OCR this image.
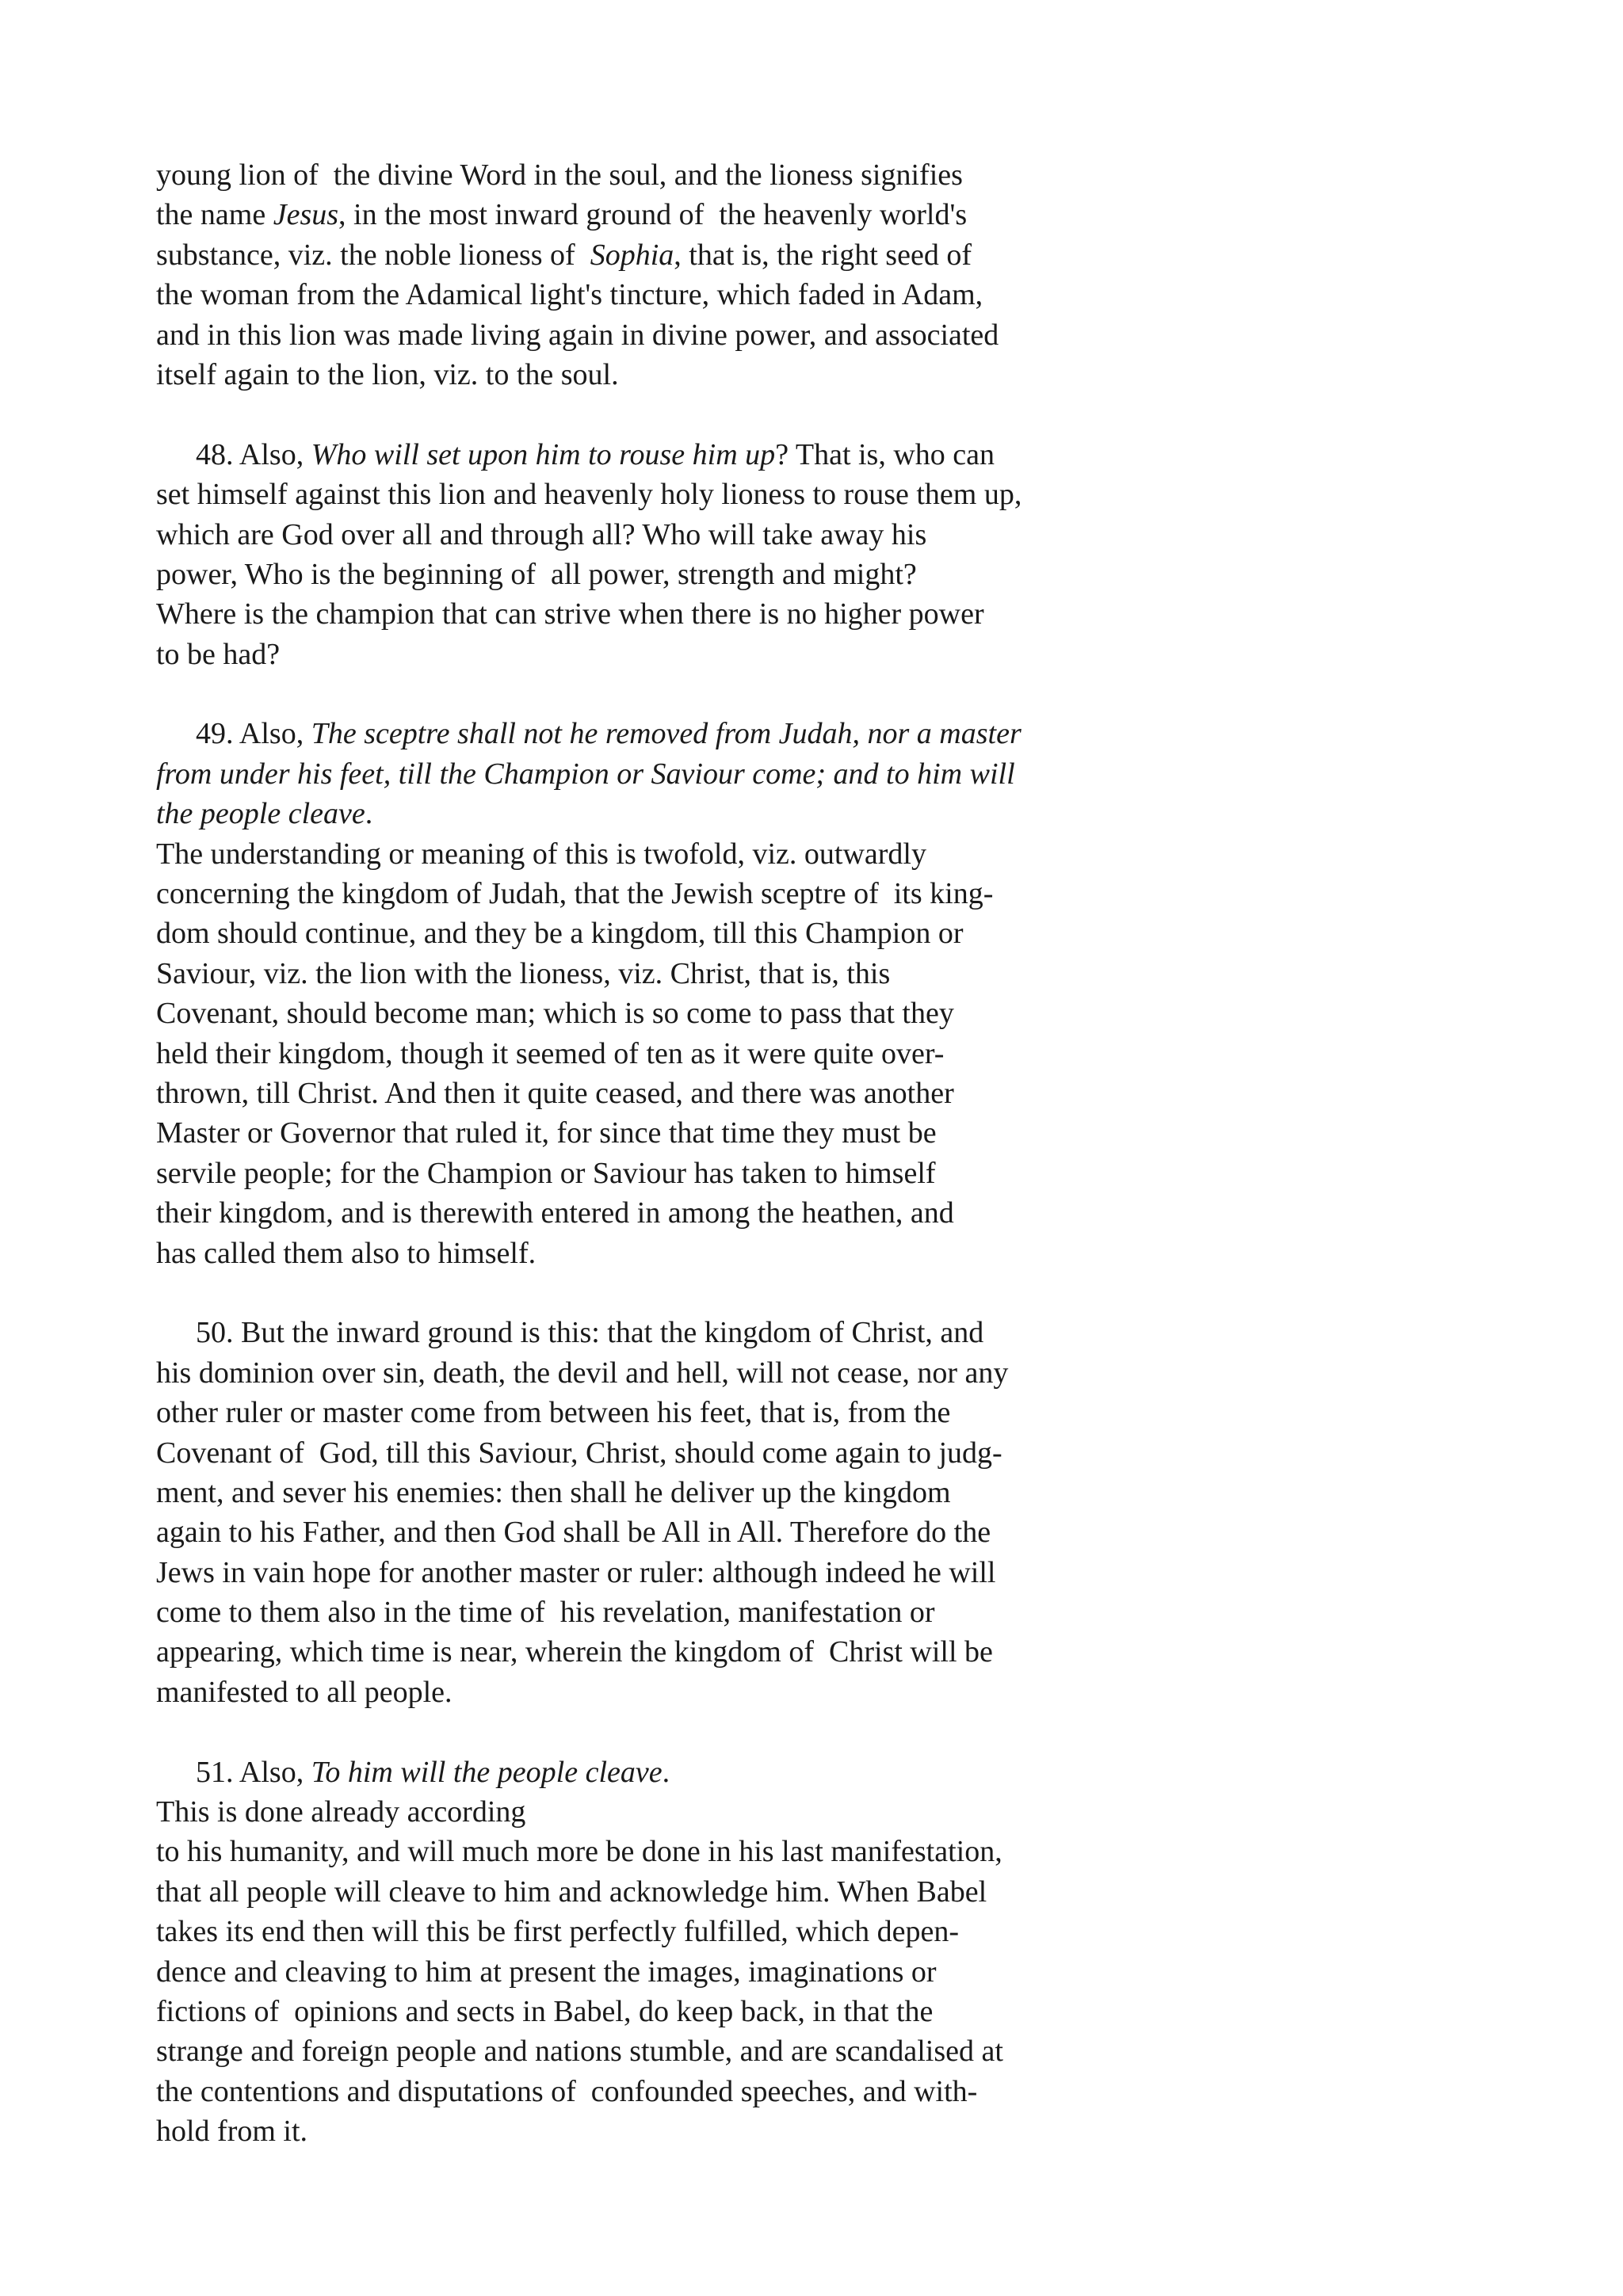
young lion of  the divine Word in the soul, and the lioness signifies
the name Jesus, in the most inward ground of  the heavenly world's
substance, viz. the noble lioness of  Sophia, that is, the right seed of
the woman from the Adamical light's tincture, which faded in Adam,
and in this lion was made living again in divine power, and associated
itself again to the lion, viz. to the soul.
48. Also, Who will set upon him to rouse him up? That is, who can
set himself against this lion and heavenly holy lioness to rouse them up,
which are God over all and through all? Who will take away his
power, Who is the beginning of  all power, strength and might?
Where is the champion that can strive when there is no higher power
to be had?
49. Also, The sceptre shall not he removed from Judah, nor a master
from under his feet, till the Champion or Saviour come; and to him will
the people cleave.
The understanding or meaning of this is twofold, viz. outwardly
concerning the kingdom of Judah, that the Jewish sceptre of  its king-
dom should continue, and they be a kingdom, till this Champion or
Saviour, viz. the lion with the lioness, viz. Christ, that is, this
Covenant, should become man; which is so come to pass that they
held their kingdom, though it seemed of ten as it were quite over-
thrown, till Christ. And then it quite ceased, and there was another
Master or Governor that ruled it, for since that time they must be
servile people; for the Champion or Saviour has taken to himself
their kingdom, and is therewith entered in among the heathen, and
has called them also to himself.
50. But the inward ground is this: that the kingdom of Christ, and
his dominion over sin, death, the devil and hell, will not cease, nor any
other ruler or master come from between his feet, that is, from the
Covenant of  God, till this Saviour, Christ, should come again to judg-
ment, and sever his enemies: then shall he deliver up the kingdom
again to his Father, and then God shall be All in All. Therefore do the
Jews in vain hope for another master or ruler: although indeed he will
come to them also in the time of  his revelation, manifestation or
appearing, which time is near, wherein the kingdom of  Christ will be
manifested to all people.
51. Also, To him will the people cleave.
This is done already according
to his humanity, and will much more be done in his last manifestation,
that all people will cleave to him and acknowledge him. When Babel
takes its end then will this be first perfectly fulfilled, which depen-
dence and cleaving to him at present the images, imaginations or
fictions of  opinions and sects in Babel, do keep back, in that the
strange and foreign people and nations stumble, and are scandalised at
the contentions and disputations of  confounded speeches, and with-
hold from it.
